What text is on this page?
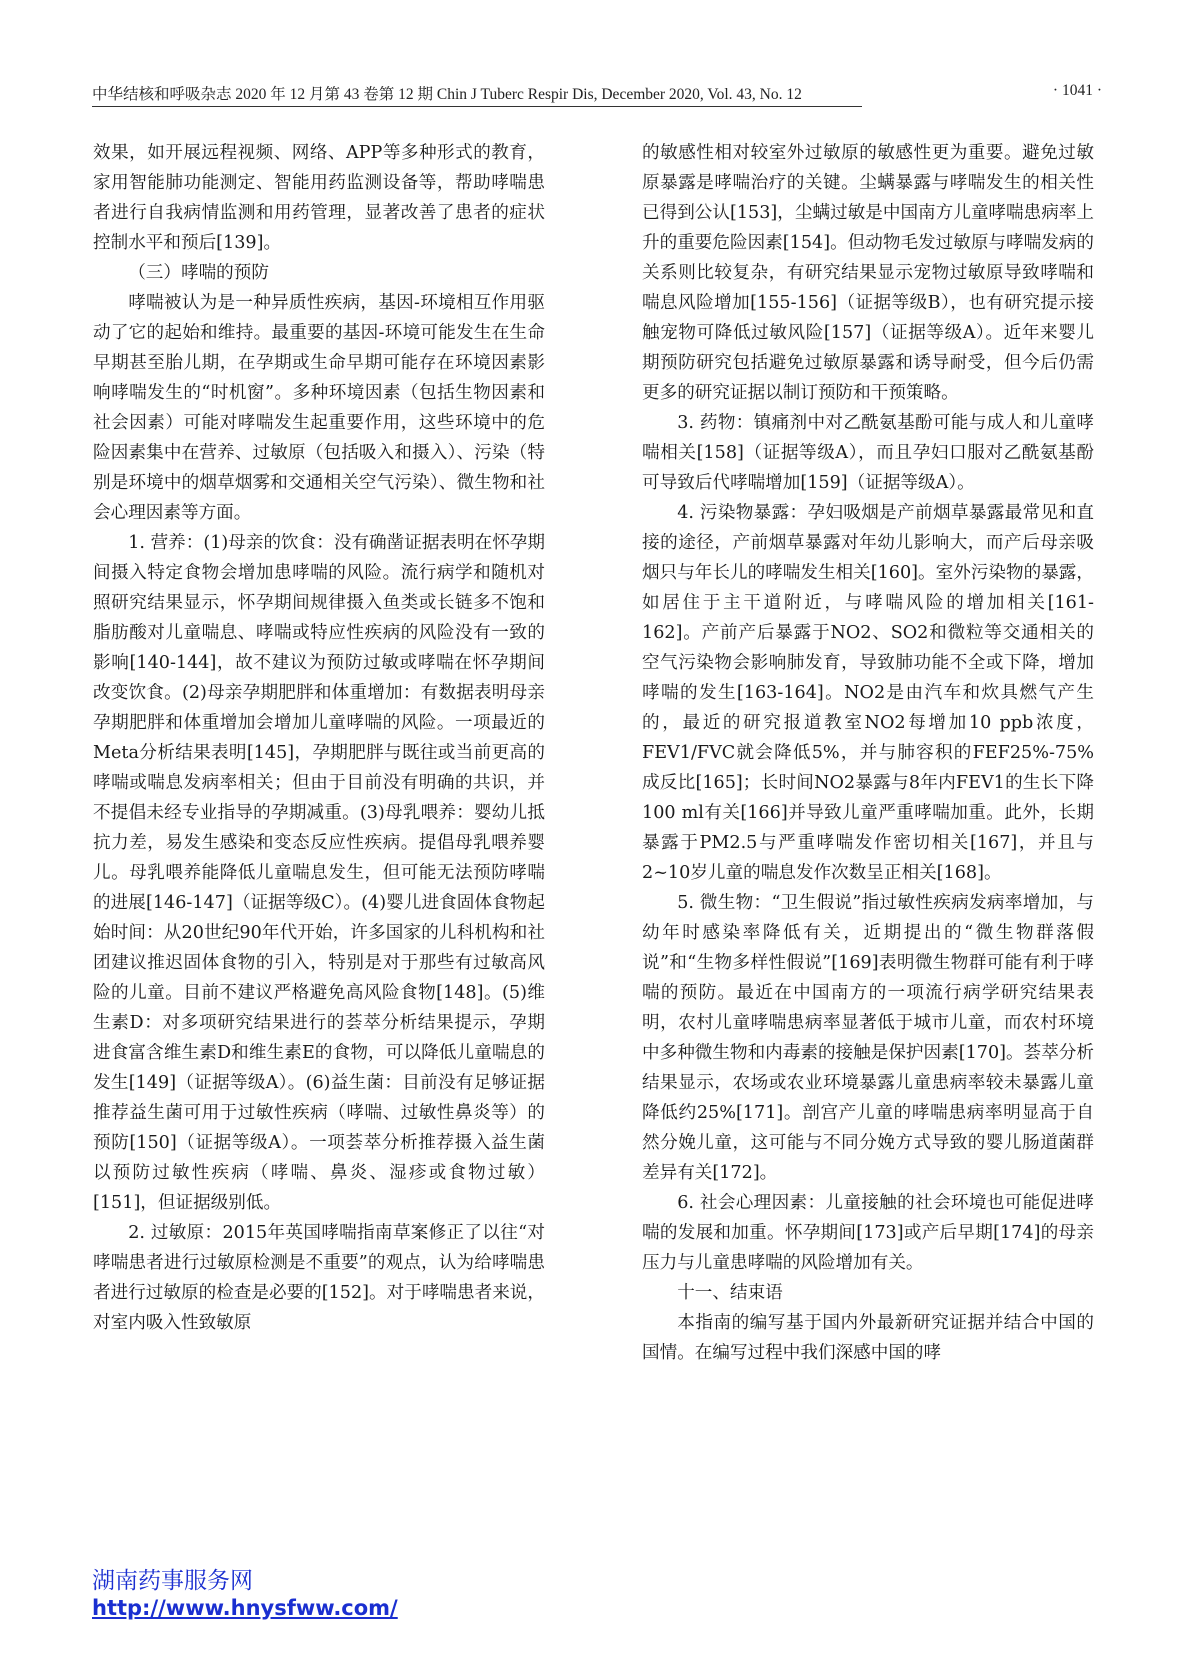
中华结核和呼吸杂志 2020 年 12 月第 43 卷第 12 期 Chin J Tuberc Respir Dis, December 2020, Vol. 43, No. 12	· 1041 ·

效果，如开展远程视频、网络、APP等多种形式的教育，家用智能肺功能测定、智能用药监测设备等，帮助哮喘患者进行自我病情监测和用药管理，显著改善了患者的症状控制水平和预后[139]。

（三）哮喘的预防

哮喘被认为是一种异质性疾病，基因-环境相互作用驱动了它的起始和维持。最重要的基因-环境可能发生在生命早期甚至胎儿期，在孕期或生命早期可能存在环境因素影响哮喘发生的“时机窗”。多种环境因素（包括生物因素和社会因素）可能对哮喘发生起重要作用，这些环境中的危险因素集中在营养、过敏原（包括吸入和摄入）、污染（特别是环境中的烟草烟雾和交通相关空气污染）、微生物和社会心理因素等方面。

1. 营养：(1)母亲的饮食：没有确凿证据表明在怀孕期间摄入特定食物会增加患哮喘的风险。流行病学和随机对照研究结果显示，怀孕期间规律摄入鱼类或长链多不饱和脂肪酸对儿童喘息、哮喘或特应性疾病的风险没有一致的影响[140-144]，故不建议为预防过敏或哮喘在怀孕期间改变饮食。(2)母亲孕期肥胖和体重增加：有数据表明母亲孕期肥胖和体重增加会增加儿童哮喘的风险。一项最近的Meta分析结果表明[145]，孕期肥胖与既往或当前更高的哮喘或喘息发病率相关；但由于目前没有明确的共识，并不提倡未经专业指导的孕期减重。(3)母乳喂养：婴幼儿抵抗力差，易发生感染和变态反应性疾病。提倡母乳喂养婴儿。母乳喂养能降低儿童喘息发生，但可能无法预防哮喘的进展[146-147]（证据等级C）。(4)婴儿进食固体食物起始时间：从20世纪90年代开始，许多国家的儿科机构和社团建议推迟固体食物的引入，特别是对于那些有过敏高风险的儿童。目前不建议严格避免高风险食物[148]。(5)维生素D：对多项研究结果进行的荟萃分析结果提示，孕期进食富含维生素D和维生素E的食物，可以降低儿童喘息的发生[149]（证据等级A）。(6)益生菌：目前没有足够证据推荐益生菌可用于过敏性疾病（哮喘、过敏性鼻炎等）的预防[150]（证据等级A）。一项荟萃分析推荐摄入益生菌以预防过敏性疾病（哮喘、鼻炎、湿疹或食物过敏）[151]，但证据级别低。

2. 过敏原：2015年英国哮喘指南草案修正了以往“对哮喘患者进行过敏原检测是不重要”的观点，认为给哮喘患者进行过敏原的检查是必要的[152]。对于哮喘患者来说，对室内吸入性致敏原

的敏感性相对较室外过敏原的敏感性更为重要。避免过敏原暴露是哮喘治疗的关键。尘螨暴露与哮喘发生的相关性已得到公认[153]，尘螨过敏是中国南方儿童哮喘患病率上升的重要危险因素[154]。但动物毛发过敏原与哮喘发病的关系则比较复杂，有研究结果显示宠物过敏原导致哮喘和喘息风险增加[155-156]（证据等级B），也有研究提示接触宠物可降低过敏风险[157]（证据等级A）。近年来婴儿期预防研究包括避免过敏原暴露和诱导耐受，但今后仍需更多的研究证据以制订预防和干预策略。

3. 药物：镇痛剂中对乙酰氨基酚可能与成人和儿童哮喘相关[158]（证据等级A），而且孕妇口服对乙酰氨基酚可导致后代哮喘增加[159]（证据等级A）。

4. 污染物暴露：孕妇吸烟是产前烟草暴露最常见和直接的途径，产前烟草暴露对年幼儿影响大，而产后母亲吸烟只与年长儿的哮喘发生相关[160]。室外污染物的暴露，如居住于主干道附近，与哮喘风险的增加相关[161-162]。产前产后暴露于NO2、SO2和微粒等交通相关的空气污染物会影响肺发育，导致肺功能不全或下降，增加哮喘的发生[163-164]。NO2是由汽车和炊具燃气产生的，最近的研究报道教室NO2每增加10 ppb浓度，FEV1/FVC就会降低5%，并与肺容积的FEF25%-75%成反比[165]；长时间NO2暴露与8年内FEV1的生长下降100 ml有关[166]并导致儿童严重哮喘加重。此外，长期暴露于PM2.5与严重哮喘发作密切相关[167]，并且与2~10岁儿童的喘息发作次数呈正相关[168]。

5. 微生物：“卫生假说”指过敏性疾病发病率增加，与幼年时感染率降低有关，近期提出的“微生物群落假说”和“生物多样性假说”[169]表明微生物群可能有利于哮喘的预防。最近在中国南方的一项流行病学研究结果表明，农村儿童哮喘患病率显著低于城市儿童，而农村环境中多种微生物和内毒素的接触是保护因素[170]。荟萃分析结果显示，农场或农业环境暴露儿童患病率较未暴露儿童降低约25%[171]。剖宫产儿童的哮喘患病率明显高于自然分娩儿童，这可能与不同分娩方式导致的婴儿肠道菌群差异有关[172]。

6. 社会心理因素：儿童接触的社会环境也可能促进哮喘的发展和加重。怀孕期间[173]或产后早期[174]的母亲压力与儿童患哮喘的风险增加有关。

十一、结束语

本指南的编写基于国内外最新研究证据并结合中国的国情。在编写过程中我们深感中国的哮

湖南药事服务网
http://www.hnysfww.com/
